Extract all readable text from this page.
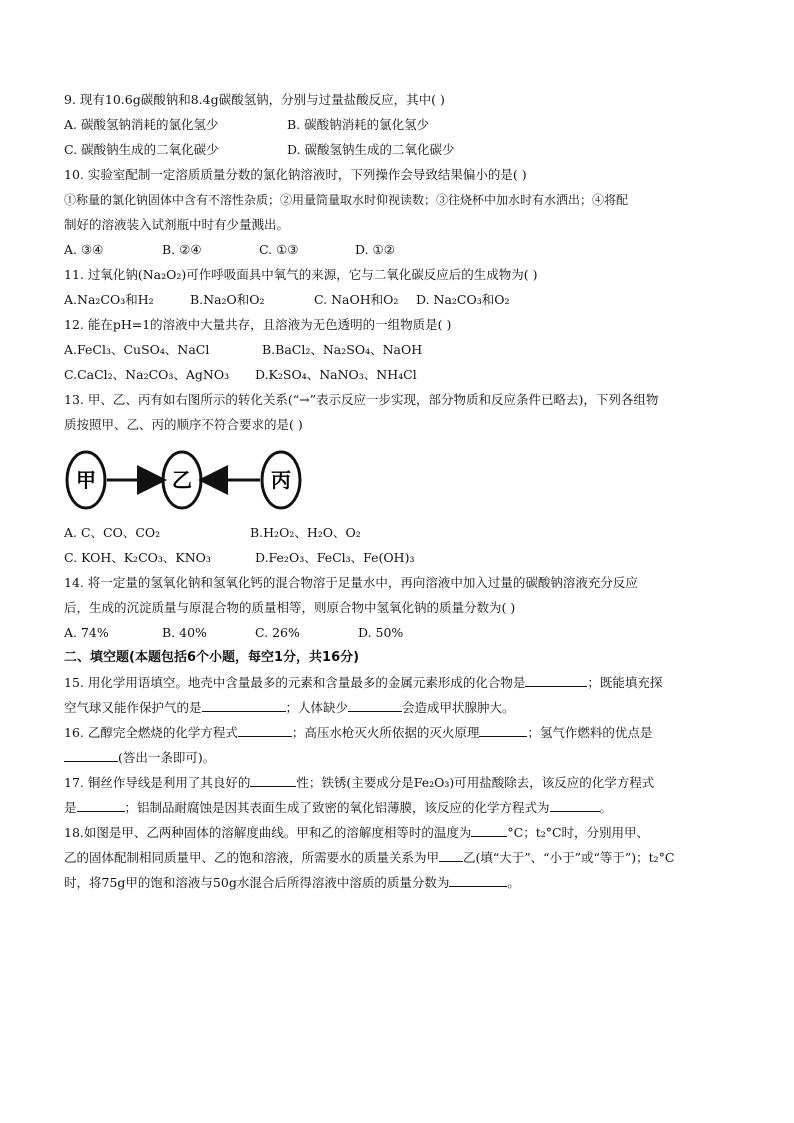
9. 现有10.6g碳酸钠和8.4g碳酸氢钠，分别与过量盐酸反应，其中( )
A. 碳酸氢钠消耗的氯化氢少	B. 碳酸钠消耗的氯化氢少
C. 碳酸钠生成的二氧化碳少	D. 碳酸氢钠生成的二氧化碳少
10. 实验室配制一定溶质质量分数的氯化钠溶液时，下列操作会导致结果偏小的是( )
①称量的氯化钠固体中含有不溶性杂质；②用量筒量取水时仰视读数；③往烧杯中加水时有水洒出；④将配
制好的溶液装入试剂瓶中时有少量溅出。
A. ③④	B. ②④	C. ①③	D. ①②
11. 过氧化钠(Na₂O₂)可作呼吸面具中氧气的来源，它与二氧化碳反应后的生成物为( )
A.Na₂CO₃和H₂	B.Na₂O和O₂	C. NaOH和O₂ D. Na₂CO₃和O₂
12. 能在pH=1的溶液中大量共存，且溶液为无色透明的一组物质是( )
A.FeCl₃、CuSO₄、NaCl	B.BaCl₂、Na₂SO₄、NaOH
C.CaCl₂、Na₂CO₃、AgNO₃ D.K₂SO₄、NaNO₃、NH₄Cl
13. 甲、乙、丙有如右图所示的转化关系(“→”表示反应一步实现，部分物质和反应条件已略去)，下列各组物
质按照甲、乙、丙的顺序不符合要求的是( )
甲	乙	丙
A. C、CO、CO₂	B.H₂O₂、H₂O、O₂
C. KOH、K₂CO₃、KNO₃	D.Fe₂O₃、FeCl₃、Fe(OH)₃
14. 将一定量的氢氧化钠和氢氧化钙的混合物溶于足量水中，再向溶液中加入过量的碳酸钠溶液充分反应
后，生成的沉淀质量与原混合物的质量相等，则原合物中氢氧化钠的质量分数为( )
A. 74%	B. 40%	C. 26%	D. 50%
二、填空题(本题包括6个小题，每空1分，共16分)
15. 用化学用语填空。地壳中含量最多的元素和含量最多的金属元素形成的化合物是	；既能填充探
空气球又能作保护气的是	；人体缺少	会造成甲状腺肿大。
16. 乙醇完全燃烧的化学方程式	；高压水枪灭火所依据的灭火原理	；氢气作燃料的优点是
(答出一条即可)。
17. 铜丝作导线是利用了其良好的	性；铁锈(主要成分是Fe₂O₃)可用盐酸除去，该反应的化学方程式
是	；铝制品耐腐蚀是因其表面生成了致密的氧化铝薄膜，该反应的化学方程式为	。
18.如图是甲、乙两种固体的溶解度曲线。甲和乙的溶解度相等时的温度为	°C；t₂°C时，分别用甲、
乙的固体配制相同质量甲、乙的饱和溶液，所需要水的质量关系为甲 乙(填“大于”、“小于”或“等于”)；t₂°C
时，将75g甲的饱和溶液与50g水混合后所得溶液中溶质的质量分数为	。
